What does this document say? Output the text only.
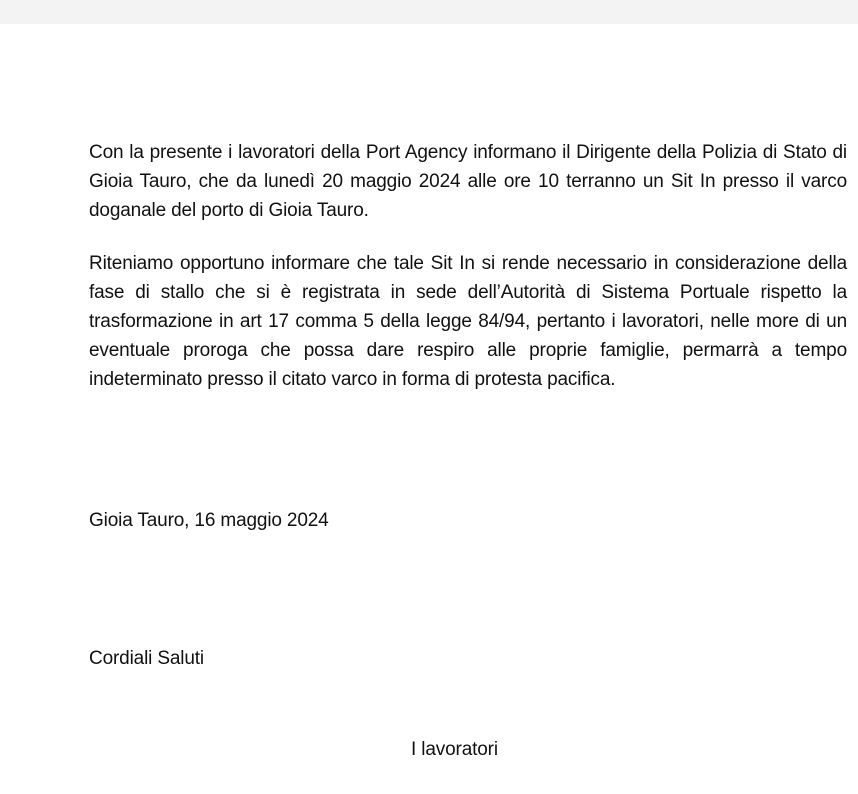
Con la presente i lavoratori della Port Agency informano il Dirigente della Polizia di Stato di Gioia Tauro, che da lunedì 20 maggio 2024 alle ore 10 terranno un Sit In presso il varco doganale del porto di Gioia Tauro.

Riteniamo opportuno informare che tale Sit In si rende necessario in considerazione della fase di stallo che si è registrata in sede dell’Autorità di Sistema Portuale rispetto la trasformazione in art 17 comma 5 della legge 84/94, pertanto i lavoratori, nelle more di un eventuale proroga che possa dare respiro alle proprie famiglie, permarrà a tempo indeterminato presso il citato varco in forma di protesta pacifica.

Gioia Tauro, 16 maggio 2024

Cordiali Saluti

I lavoratori
